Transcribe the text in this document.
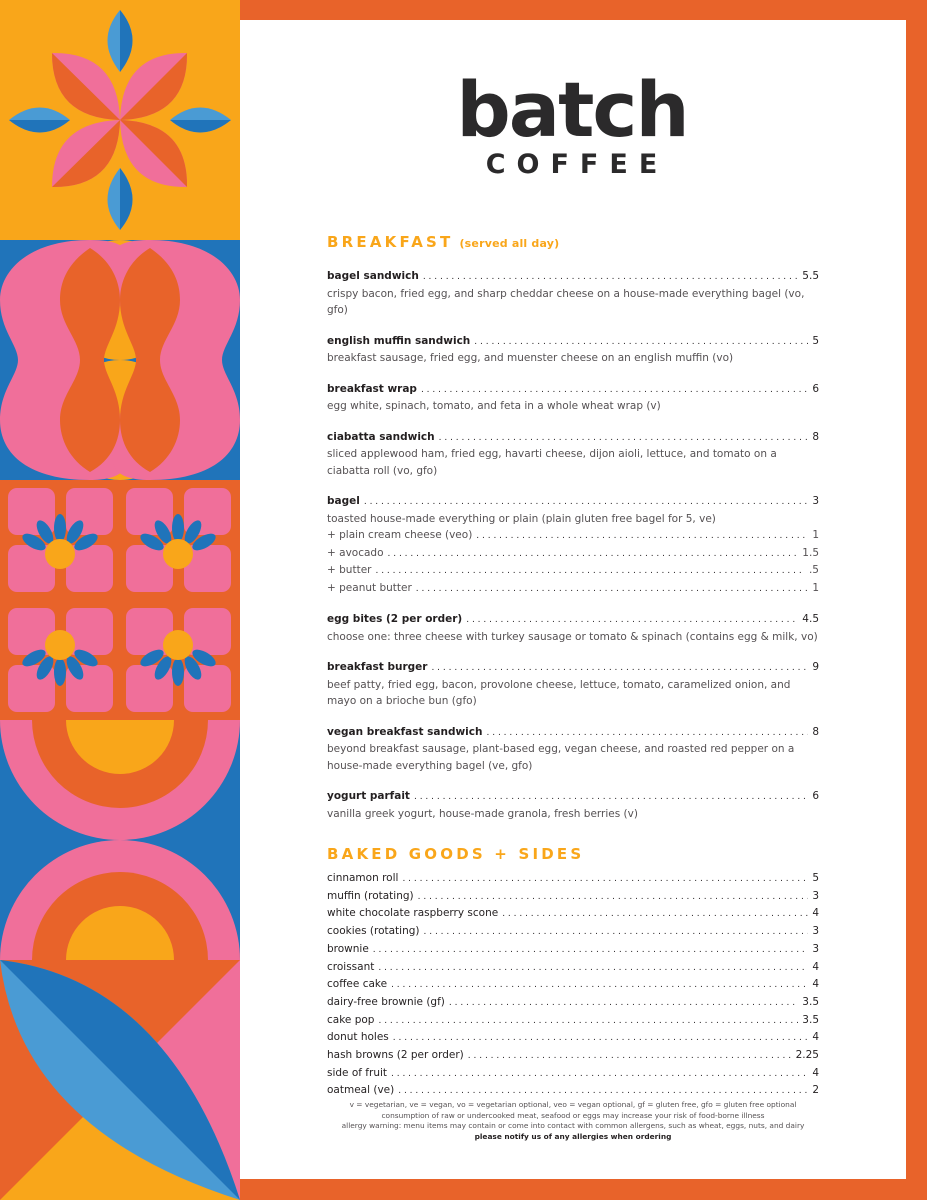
batch
COFFEE
BREAKFAST (served all day)
bagel sandwich . . .	5.5
crispy bacon, fried egg, and sharp cheddar cheese on a house-made everything bagel (vo, gfo)
english muffin sandwich . . .	5
breakfast sausage, fried egg, and muenster cheese on an english muffin (vo)
breakfast wrap . . .	6
egg white, spinach, tomato, and feta in a whole wheat wrap (v)
ciabatta sandwich . . .	8
sliced applewood ham, fried egg, havarti cheese, dijon aioli, lettuce, and tomato on a ciabatta roll (vo, gfo)
bagel . . .	3
toasted house-made everything or plain (plain gluten free bagel for 5, ve)
+ plain cream cheese (veo) . . .	1
+ avocado . . .	1.5
+ butter . . .	.5
+ peanut butter . . .	1
egg bites (2 per order) . . .	4.5
choose one: three cheese with turkey sausage or tomato & spinach (contains egg & milk, vo)
breakfast burger . . .	9
beef patty, fried egg, bacon, provolone cheese, lettuce, tomato, caramelized onion, and mayo on a brioche bun (gfo)
vegan breakfast sandwich . . .	8
beyond breakfast sausage, plant-based egg, vegan cheese, and roasted red pepper on a house-made everything bagel (ve, gfo)
yogurt parfait . . .	6
vanilla greek yogurt, house-made granola, fresh berries (v)
BAKED GOODS + SIDES
cinnamon roll . . .	5
muffin (rotating) . . .	3
white chocolate raspberry scone . . .	4
cookies (rotating) . . .	3
brownie . . .	3
croissant . . .	4
coffee cake . . .	4
dairy-free brownie (gf) . . .	3.5
cake pop . . .	3.5
donut holes . . .	4
hash browns (2 per order) . . .	2.25
side of fruit . . .	4
oatmeal (ve) . . .	2
v = vegetarian, ve = vegan, vo = vegetarian optional, veo = vegan optional, gf = gluten free, gfo = gluten free optional
consumption of raw or undercooked meat, seafood or eggs may increase your risk of food-borne illness
allergy warning: menu items may contain or come into contact with common allergens, such as wheat, eggs, nuts, and dairy
please notify us of any allergies when ordering
